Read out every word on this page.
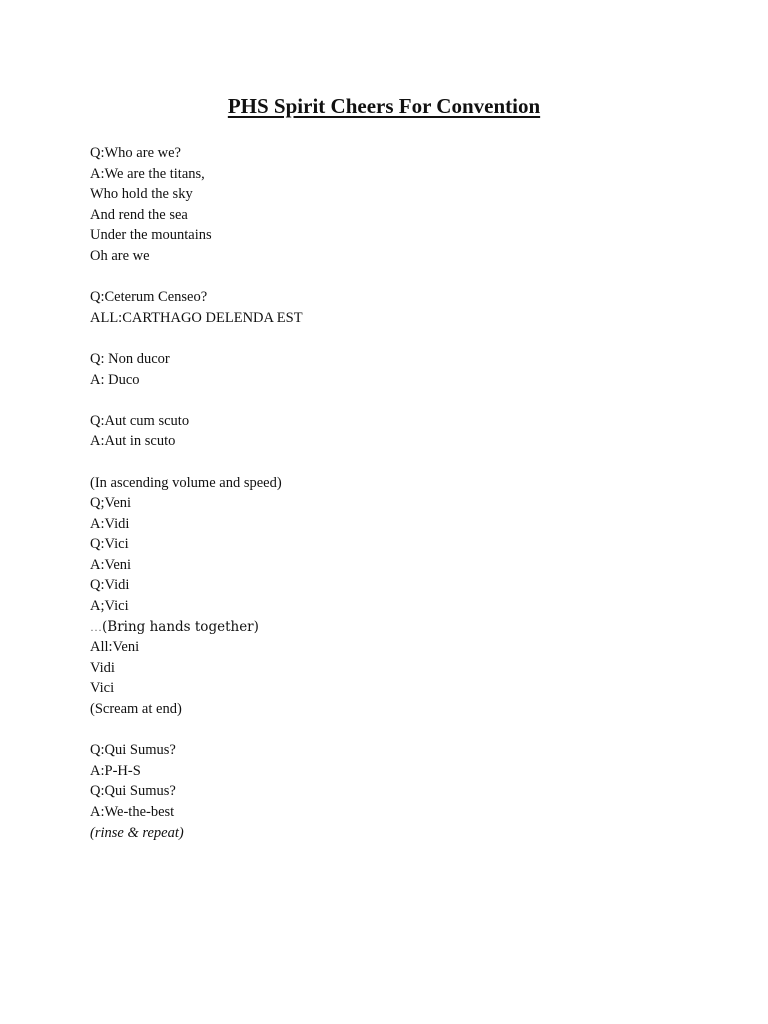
PHS Spirit Cheers For Convention
Q:Who are we?
A:We are the titans,
Who hold the sky
And rend the sea
Under the mountains
Oh are we
Q:Ceterum Censeo?
ALL:CARTHAGO DELENDA EST
Q: Non ducor
A: Duco
Q:Aut cum scuto
A:Aut in scuto
(In ascending volume and speed)
Q;Veni
A:Vidi
Q:Vici
A:Veni
Q:Vidi
A;Vici
…(Bring hands together)
All:Veni
Vidi
Vici
(Scream at end)
Q:Qui Sumus?
A:P-H-S
Q:Qui Sumus?
A:We-the-best
(rinse & repeat)
